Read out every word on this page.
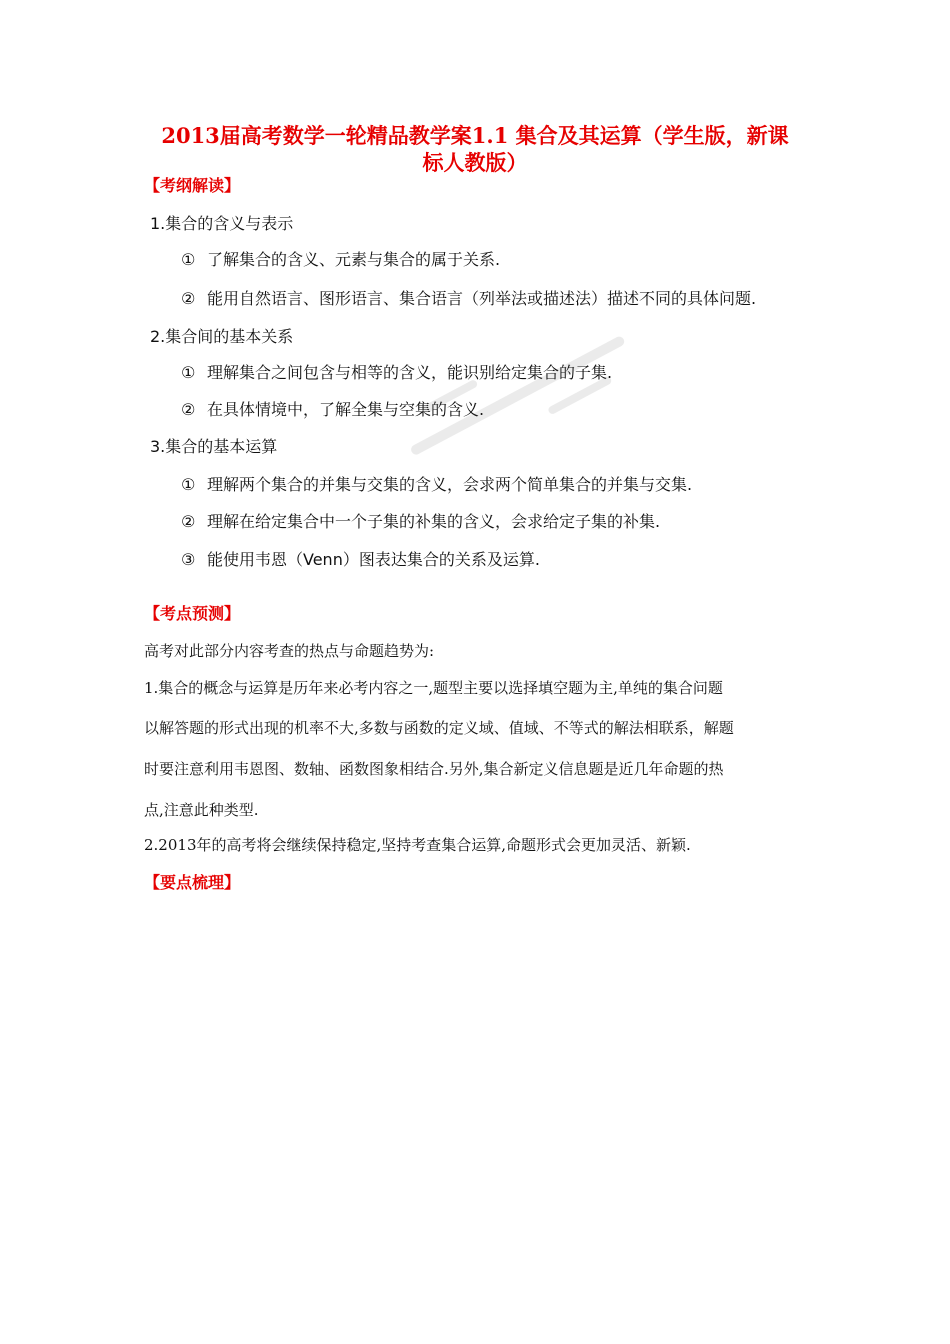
2013届高考数学一轮精品教学案1.1 集合及其运算（学生版，新课
标人教版）
【考纲解读】
1.集合的含义与表示
① 了解集合的含义、元素与集合的属于关系.
② 能用自然语言、图形语言、集合语言（列举法或描述法）描述不同的具体问题.
2.集合间的基本关系
① 理解集合之间包含与相等的含义，能识别给定集合的子集.
② 在具体情境中，了解全集与空集的含义.
3.集合的基本运算
① 理解两个集合的并集与交集的含义，会求两个简单集合的并集与交集.
② 理解在给定集合中一个子集的补集的含义，会求给定子集的补集.
③ 能使用韦恩（Venn）图表达集合的关系及运算.
【考点预测】
高考对此部分内容考查的热点与命题趋势为:
1.集合的概念与运算是历年来必考内容之一,题型主要以选择填空题为主,单纯的集合问题
以解答题的形式出现的机率不大,多数与函数的定义域、值域、不等式的解法相联系，解题
时要注意利用韦恩图、数轴、函数图象相结合.另外,集合新定义信息题是近几年命题的热
点,注意此种类型.
2.2013年的高考将会继续保持稳定,坚持考查集合运算,命题形式会更加灵活、新颖.
【要点梳理】
